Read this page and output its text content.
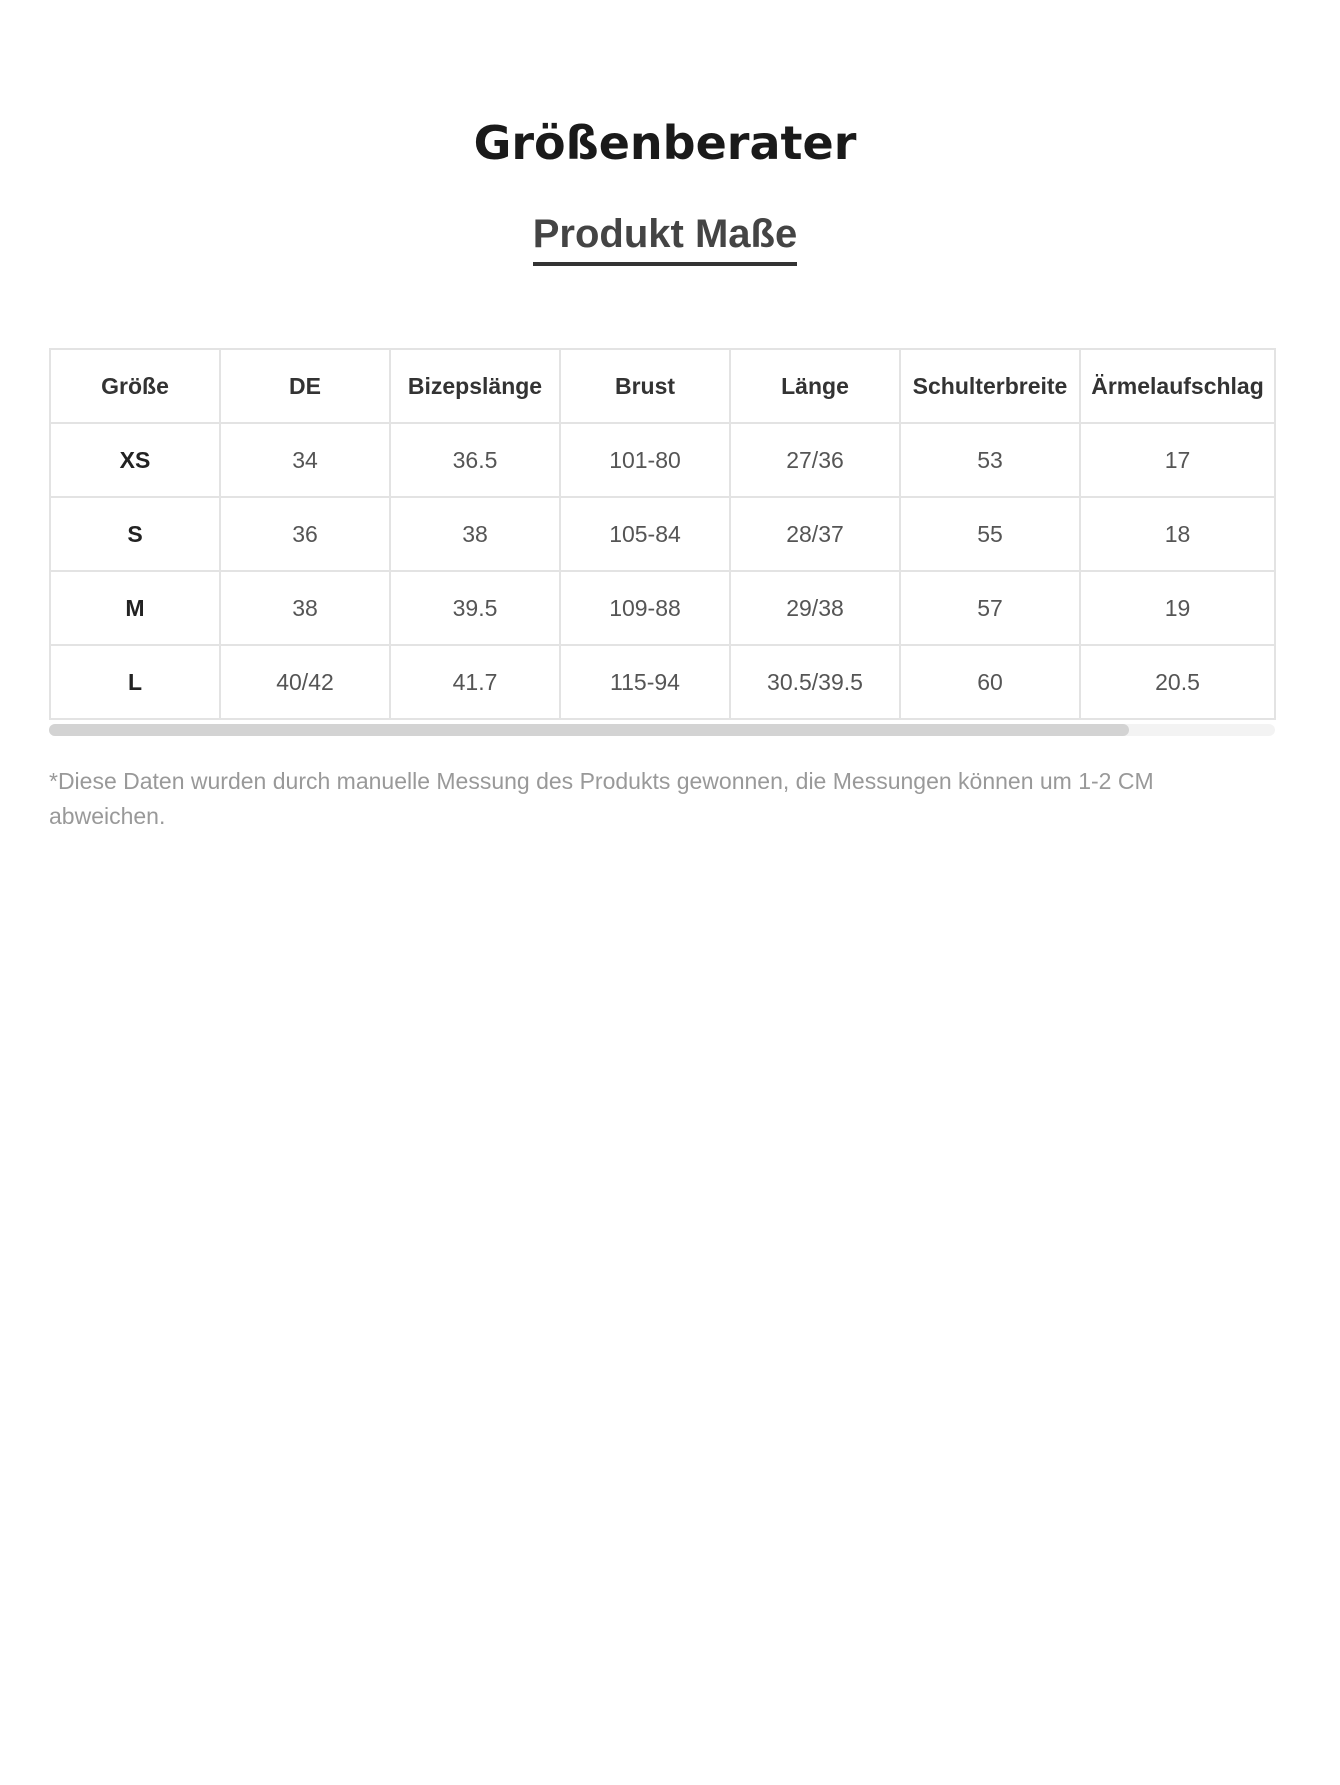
Größenberater
Produkt Maße
Größe	DE	Bizepslänge	Brust	Länge	Schulterbreite	Ärmelaufschlag
XS	34	36.5	101-80	27/36	53	17
S	36	38	105-84	28/37	55	18
M	38	39.5	109-88	29/38	57	19
L	40/42	41.7	115-94	30.5/39.5	60	20.5

*Diese Daten wurden durch manuelle Messung des Produkts gewonnen, die Messungen können um 1-2 CM abweichen.
